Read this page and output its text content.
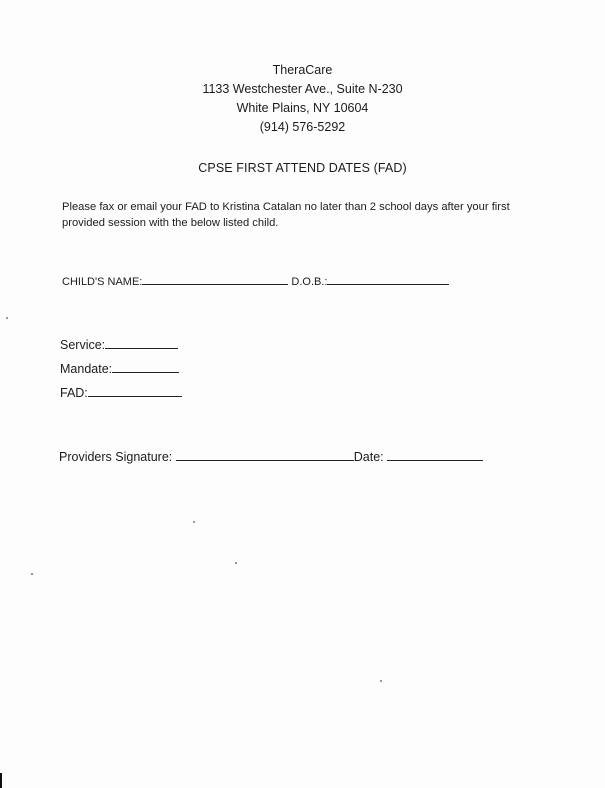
TheraCare
1133 Westchester Ave., Suite N-230
White Plains, NY 10604
(914) 576-5292
CPSE FIRST ATTEND DATES (FAD)
Please fax or email your FAD to Kristina Catalan no later than 2 school days after your first provided session with the below listed child.
CHILD'S NAME:	D.O.B.:
Service:
Mandate:
FAD:
Providers Signature:	Date:
